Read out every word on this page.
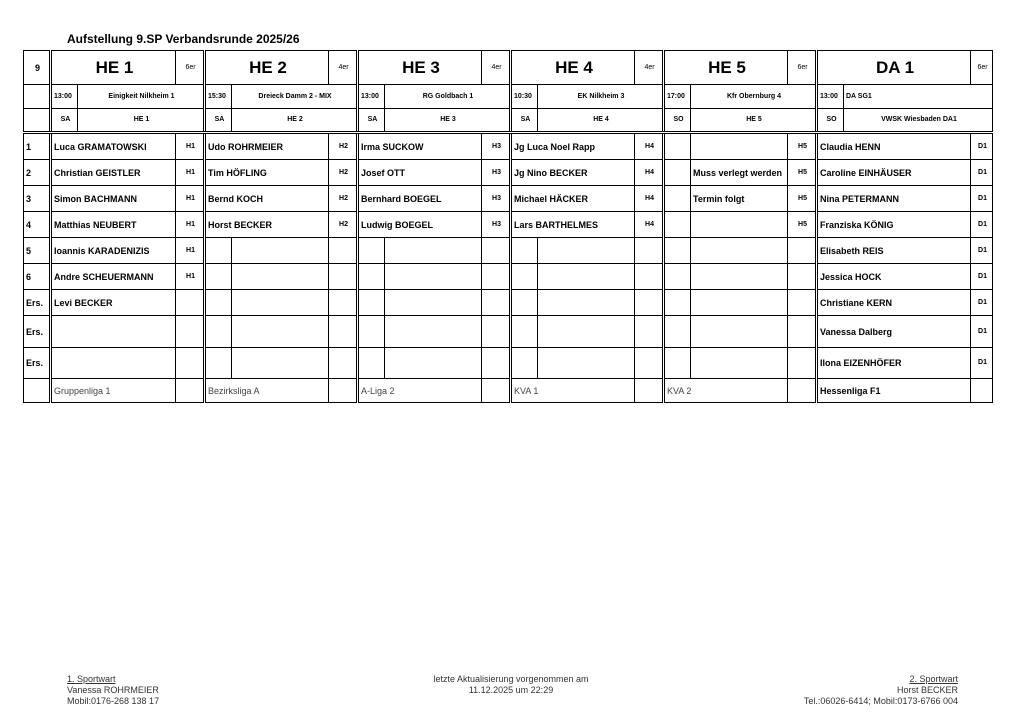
Aufstellung 9.SP Verbandsrunde 2025/26
9	HE 1		6er	HE 2		4er	HE 3		4er	HE 4		4er	HE 5		6er	DA 1		6er
	13:00	Einigkeit Nilkheim 1		15:30	Dreieck Damm 2 - MIX		13:00	RG Goldbach 1		10:30	EK Nilkheim 3		17:00	Kfr Obernburg 4		13:00	DA SG1	
	SA	HE 1		SA	HE 2		SA	HE 3		SA	HE 4		SO	HE 5		SO	VWSK Wiesbaden DA1	
1	Luca GRAMATOWSKI		H1	Udo ROHRMEIER		H2	Irma SUCKOW		H3	Jg Luca Noel Rapp		H4			H5	Claudia HENN		D1
2	Christian GEISTLER		H1	Tim HÖFLING		H2	Josef OTT		H3	Jg Nino BECKER		H4		Muss verlegt werden	H5	Caroline EINHÄUSER		D1
3	Simon BACHMANN		H1	Bernd KOCH		H2	Bernhard BOEGEL		H3	Michael HÄCKER		H4		Termin folgt	H5	Nina PETERMANN		D1
4	Matthias NEUBERT		H1	Horst BECKER		H2	Ludwig BOEGEL		H3	Lars BARTHELMES		H4			H5	Franziska KÖNIG		D1
5	Ioannis KARADENIZIS		H1													Elisabeth REIS		D1
6	Andre SCHEUERMANN		H1													Jessica HOCK		D1
Ers.	Levi BECKER															Christiane KERN		D1
Ers.																Vanessa Dalberg		D1
Ers.																Ilona EIZENHÖFER		D1
	Gruppenliga 1			Bezirksliga A			A-Liga 2			KVA 1			KVA 2			Hessenliga F1		
1. Sportwart
Vanessa ROHRMEIER
Mobil:0176-268 138 17
letzte Aktualisierung vorgenommen am
11.12.2025 um 22:29
2. Sportwart
Horst BECKER
Tel.:06026-6414; Mobil:0173-6766 004
